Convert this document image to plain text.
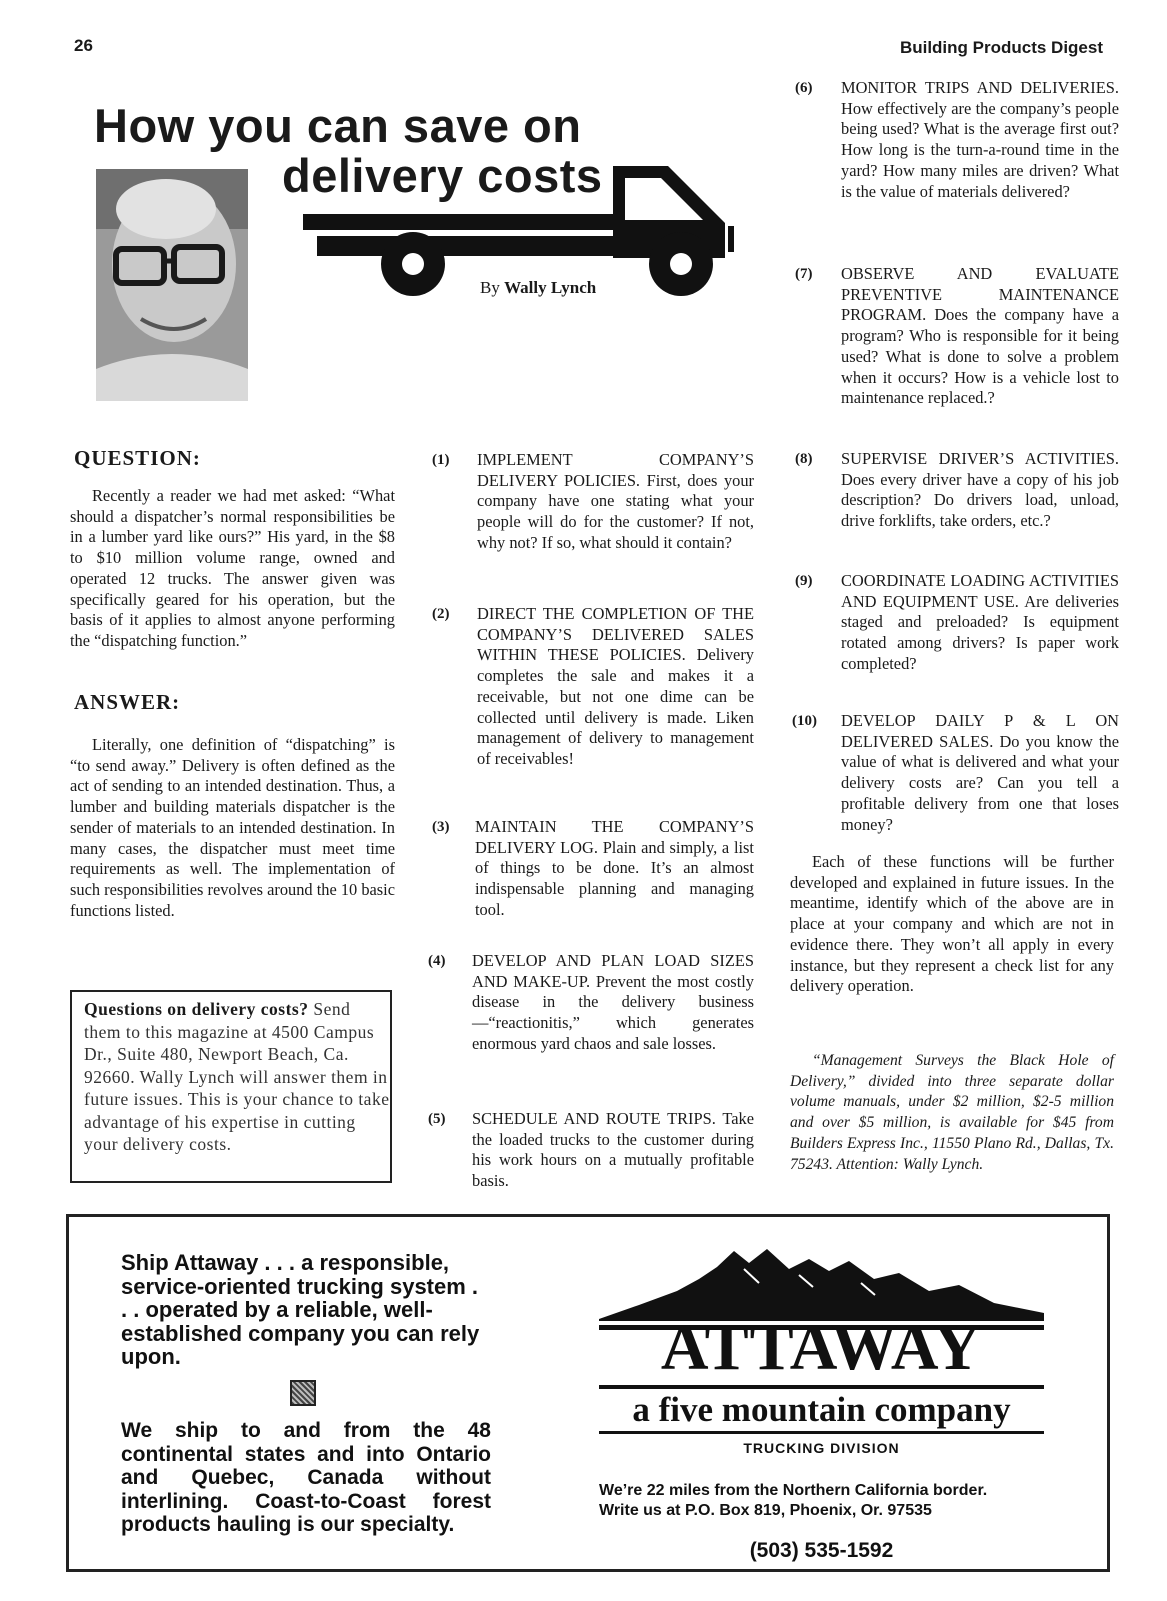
26	Building Products Digest
How you can save on
delivery costs
By Wally Lynch
QUESTION:
Recently a reader we had met asked: “What should a dispatcher’s normal responsibilities be in a lumber yard like ours?” His yard, in the $8 to $10 million volume range, owned and operated 12 trucks. The answer given was specifically geared for his operation, but the basis of it applies to almost anyone performing the “dispatching function.”
ANSWER:
Literally, one definition of “dispatching” is “to send away.” Delivery is often defined as the act of sending to an intended destination. Thus, a lumber and building materials dispatcher is the sender of materials to an intended destination. In many cases, the dispatcher must meet time requirements as well. The implementation of such responsibilities revolves around the 10 basic functions listed.
Questions on delivery costs? Send them to this magazine at 4500 Campus Dr., Suite 480, Newport Beach, Ca. 92660. Wally Lynch will answer them in future issues. This is your chance to take advantage of his expertise in cutting your delivery costs.
(1) IMPLEMENT COMPANY’S DELIVERY POLICIES. First, does your company have one stating what your people will do for the customer? If not, why not? If so, what should it contain?
(2) DIRECT THE COMPLETION OF THE COMPANY’S DELIVERED SALES WITHIN THESE POLICIES. Delivery completes the sale and makes it a receivable, but not one dime can be collected until delivery is made. Liken management of delivery to management of receivables!
(3) MAINTAIN THE COMPANY’S DELIVERY LOG. Plain and simply, a list of things to be done. It’s an almost indispensable planning and managing tool.
(4) DEVELOP AND PLAN LOAD SIZES AND MAKE-UP. Prevent the most costly disease in the delivery business—“reactionitis,” which generates enormous yard chaos and sale losses.
(5) SCHEDULE AND ROUTE TRIPS. Take the loaded trucks to the customer during his work hours on a mutually profitable basis.
(6) MONITOR TRIPS AND DELIVERIES. How effectively are the company’s people being used? What is the average first out? How long is the turn-a-round time in the yard? How many miles are driven? What is the value of materials delivered?
(7) OBSERVE AND EVALUATE PREVENTIVE MAINTENANCE PROGRAM. Does the company have a program? Who is responsible for it being used? What is done to solve a problem when it occurs? How is a vehicle lost to maintenance replaced.?
(8) SUPERVISE DRIVER’S ACTIVITIES. Does every driver have a copy of his job description? Do drivers load, unload, drive forklifts, take orders, etc.?
(9) COORDINATE LOADING ACTIVITIES AND EQUIPMENT USE. Are deliveries staged and preloaded? Is equipment rotated among drivers? Is paper work completed?
(10) DEVELOP DAILY P & L ON DELIVERED SALES. Do you know the value of what is delivered and what your delivery costs are? Can you tell a profitable delivery from one that loses money?
Each of these functions will be further developed and explained in future issues. In the meantime, identify which of the above are in place at your company and which are not in evidence there. They won’t all apply in every instance, but they represent a check list for any delivery operation.
“Management Surveys the Black Hole of Delivery,” divided into three separate dollar volume manuals, under $2 million, $2-5 million and over $5 million, is available for $45 from Builders Express Inc., 11550 Plano Rd., Dallas, Tx. 75243. Attention: Wally Lynch.
Ship Attaway . . . a responsible, service-oriented trucking system . . . operated by a reliable, well-established company you can rely upon.
We ship to and from the 48 continental states and into Ontario and Quebec, Canada without interlining. Coast-to-Coast forest products hauling is our specialty.
ATTAWAY
a five mountain company
TRUCKING DIVISION
We’re 22 miles from the Northern California border.
Write us at P.O. Box 819, Phoenix, Or. 97535
(503) 535-1592
